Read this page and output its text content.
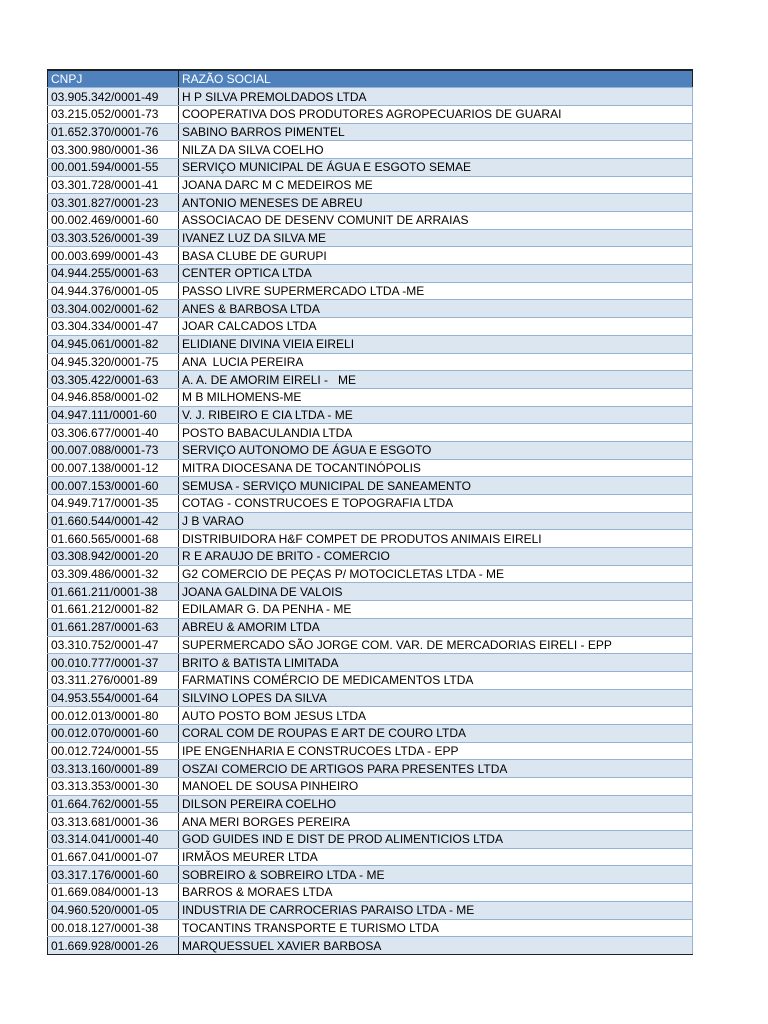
CNPJ	RAZÃO SOCIAL
03.905.342/0001-49	H P SILVA PREMOLDADOS LTDA
03.215.052/0001-73	COOPERATIVA DOS PRODUTORES AGROPECUARIOS DE GUARAI
01.652.370/0001-76	SABINO BARROS PIMENTEL
03.300.980/0001-36	NILZA DA SILVA COELHO
00.001.594/0001-55	SERVIÇO MUNICIPAL DE ÁGUA E ESGOTO SEMAE
03.301.728/0001-41	JOANA DARC M C MEDEIROS ME
03.301.827/0001-23	ANTONIO MENESES DE ABREU
00.002.469/0001-60	ASSOCIACAO DE DESENV COMUNIT DE ARRAIAS
03.303.526/0001-39	IVANEZ LUZ DA SILVA ME
00.003.699/0001-43	BASA CLUBE DE GURUPI
04.944.255/0001-63	CENTER OPTICA LTDA
04.944.376/0001-05	PASSO LIVRE SUPERMERCADO LTDA -ME
03.304.002/0001-62	ANES & BARBOSA LTDA
03.304.334/0001-47	JOAR CALCADOS LTDA
04.945.061/0001-82	ELIDIANE DIVINA VIEIA EIRELI
04.945.320/0001-75	ANA  LUCIA PEREIRA
03.305.422/0001-63	A. A. DE AMORIM EIRELI -   ME
04.946.858/0001-02	M B MILHOMENS-ME
04.947.111/0001-60	V. J. RIBEIRO E CIA LTDA - ME
03.306.677/0001-40	POSTO BABACULANDIA LTDA
00.007.088/0001-73	SERVIÇO AUTONOMO DE ÁGUA E ESGOTO
00.007.138/0001-12	MITRA DIOCESANA DE TOCANTINÓPOLIS
00.007.153/0001-60	SEMUSA - SERVIÇO MUNICIPAL DE SANEAMENTO
04.949.717/0001-35	COTAG - CONSTRUCOES E TOPOGRAFIA LTDA
01.660.544/0001-42	J B VARAO
01.660.565/0001-68	DISTRIBUIDORA H&F COMPET DE PRODUTOS ANIMAIS EIRELI
03.308.942/0001-20	R E ARAUJO DE BRITO - COMERCIO
03.309.486/0001-32	G2 COMERCIO DE PEÇAS P/ MOTOCICLETAS LTDA - ME
01.661.211/0001-38	JOANA GALDINA DE VALOIS
01.661.212/0001-82	EDILAMAR G. DA PENHA - ME
01.661.287/0001-63	ABREU & AMORIM LTDA
03.310.752/0001-47	SUPERMERCADO SÃO JORGE COM. VAR. DE MERCADORIAS EIRELI - EPP
00.010.777/0001-37	BRITO & BATISTA LIMITADA
03.311.276/0001-89	FARMATINS COMÉRCIO DE MEDICAMENTOS LTDA
04.953.554/0001-64	SILVINO LOPES DA SILVA
00.012.013/0001-80	AUTO POSTO BOM JESUS LTDA
00.012.070/0001-60	CORAL COM DE ROUPAS E ART DE COURO LTDA
00.012.724/0001-55	IPE ENGENHARIA E CONSTRUCOES LTDA - EPP
03.313.160/0001-89	OSZAI COMERCIO DE ARTIGOS PARA PRESENTES LTDA
03.313.353/0001-30	MANOEL DE SOUSA PINHEIRO
01.664.762/0001-55	DILSON PEREIRA COELHO
03.313.681/0001-36	ANA MERI BORGES PEREIRA
03.314.041/0001-40	GOD GUIDES IND E DIST DE PROD ALIMENTICIOS LTDA
01.667.041/0001-07	IRMÃOS MEURER LTDA
03.317.176/0001-60	SOBREIRO & SOBREIRO LTDA - ME
01.669.084/0001-13	BARROS & MORAES LTDA
04.960.520/0001-05	INDUSTRIA DE CARROCERIAS PARAISO LTDA - ME
00.018.127/0001-38	TOCANTINS TRANSPORTE E TURISMO LTDA
01.669.928/0001-26	MARQUESSUEL XAVIER BARBOSA
